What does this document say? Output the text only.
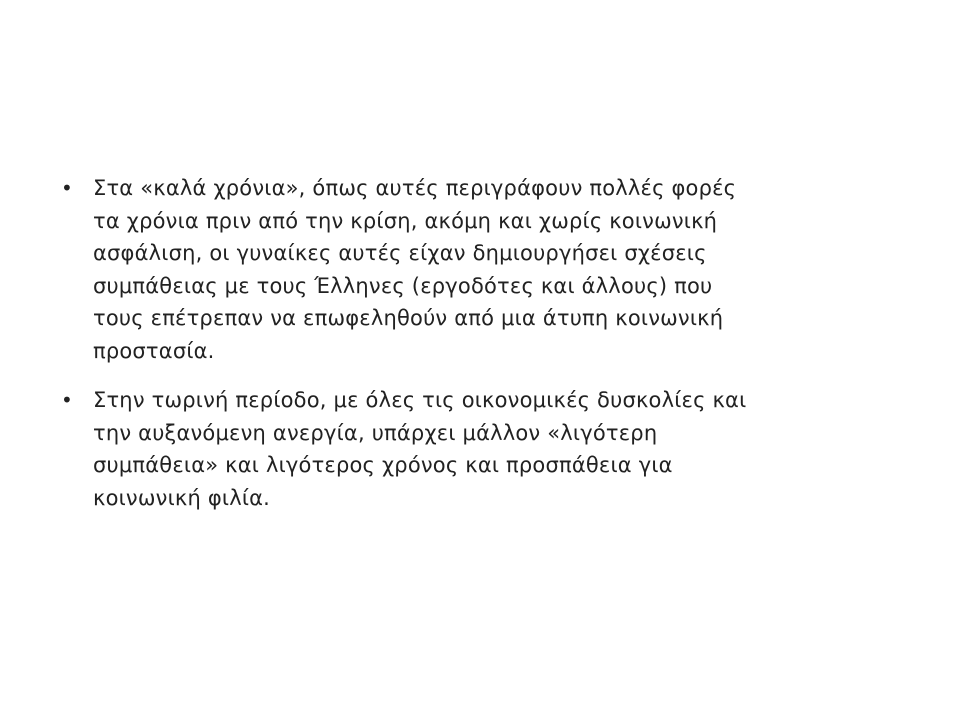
• Στα «καλά χρόνια», όπως αυτές περιγράφουν πολλές φορές
τα χρόνια πριν από την κρίση, ακόμη και χωρίς κοινωνική
ασφάλιση, οι γυναίκες αυτές είχαν δημιουργήσει σχέσεις
συμπάθειας με τους Έλληνες (εργοδότες και άλλους) που
τους επέτρεπαν να επωφεληθούν από μια άτυπη κοινωνική
προστασία.
• Στην τωρινή περίοδο, με όλες τις οικονομικές δυσκολίες και
την αυξανόμενη ανεργία, υπάρχει μάλλον «λιγότερη
συμπάθεια» και λιγότερος χρόνος και προσπάθεια για
κοινωνική φιλία.
